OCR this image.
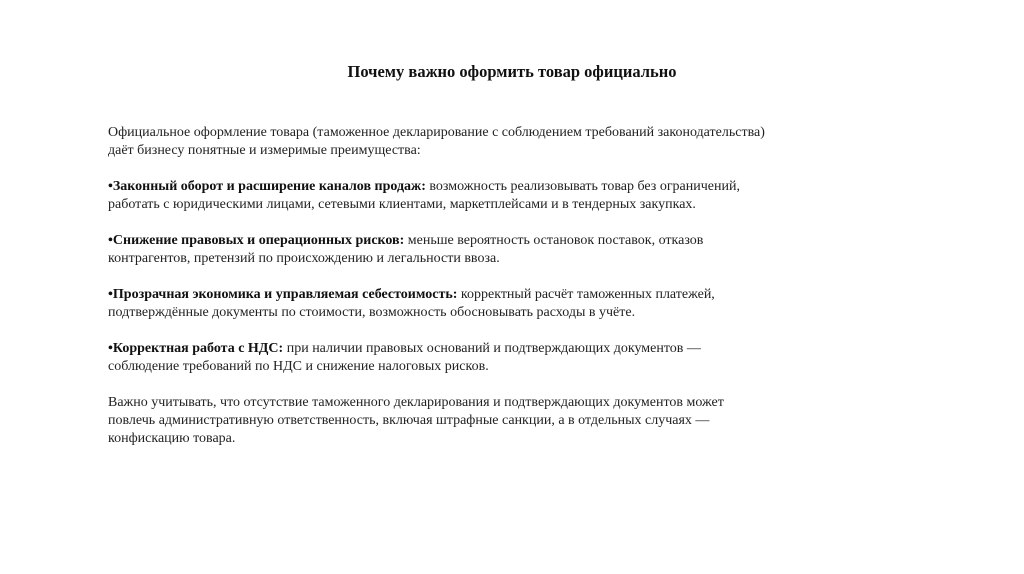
Почему важно оформить товар официально

Официальное оформление товара (таможенное декларирование с соблюдением требований законодательства)
даёт бизнесу понятные и измеримые преимущества:

•Законный оборот и расширение каналов продаж: возможность реализовывать товар без ограничений,
работать с юридическими лицами, сетевыми клиентами, маркетплейсами и в тендерных закупках.

•Снижение правовых и операционных рисков: меньше вероятность остановок поставок, отказов
контрагентов, претензий по происхождению и легальности ввоза.

•Прозрачная экономика и управляемая себестоимость: корректный расчёт таможенных платежей,
подтверждённые документы по стоимости, возможность обосновывать расходы в учёте.

•Корректная работа с НДС: при наличии правовых оснований и подтверждающих документов —
соблюдение требований по НДС и снижение налоговых рисков.

Важно учитывать, что отсутствие таможенного декларирования и подтверждающих документов может
повлечь административную ответственность, включая штрафные санкции, а в отдельных случаях —
конфискацию товара.
